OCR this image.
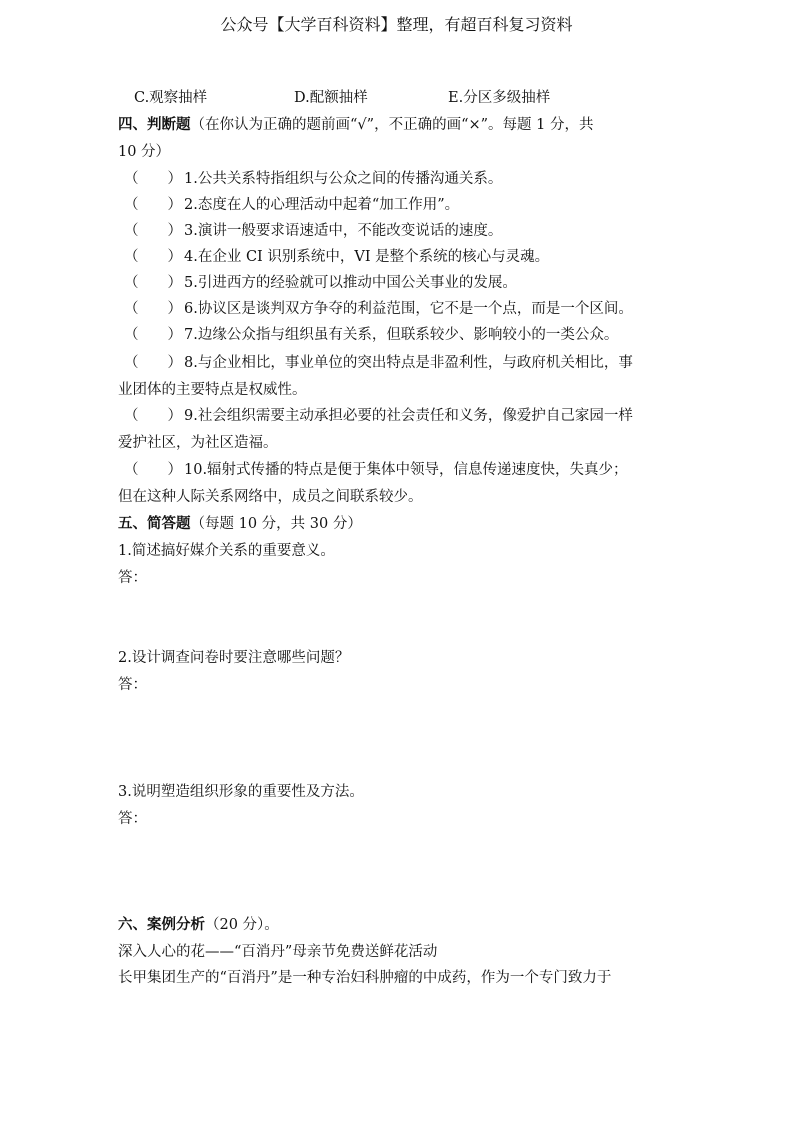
公众号【大学百科资料】整理，有超百科复习资料
C.观察抽样	D.配额抽样	E.分区多级抽样
四、判断题（在你认为正确的题前画“√”，不正确的画“×”。每题 1 分，共
10 分）
（　　） 1.公共关系特指组织与公众之间的传播沟通关系。
（　　） 2.态度在人的心理活动中起着“加工作用”。
（　　） 3.演讲一般要求语速适中，不能改变说话的速度。
（　　） 4.在企业 CI 识别系统中，VI 是整个系统的核心与灵魂。
（　　） 5.引进西方的经验就可以推动中国公关事业的发展。
（　　） 6.协议区是谈判双方争夺的利益范围，它不是一个点，而是一个区间。
（　　） 7.边缘公众指与组织虽有关系，但联系较少、影响较小的一类公众。
（　　） 8.与企业相比，事业单位的突出特点是非盈利性，与政府机关相比，事
业团体的主要特点是权威性。
（　　） 9.社会组织需要主动承担必要的社会责任和义务，像爱护自己家园一样
爱护社区，为社区造福。
（　　） 10.辐射式传播的特点是便于集体中领导，信息传递速度快，失真少；
但在这种人际关系网络中，成员之间联系较少。
五、简答题（每题 10 分，共 30 分）
1.简述搞好媒介关系的重要意义。
答：
2.设计调查问卷时要注意哪些问题？
答：
3.说明塑造组织形象的重要性及方法。
答：
六、案例分析（20 分）。
深入人心的花——“百消丹”母亲节免费送鲜花活动
长甲集团生产的“百消丹”是一种专治妇科肿瘤的中成药，作为一个专门致力于
